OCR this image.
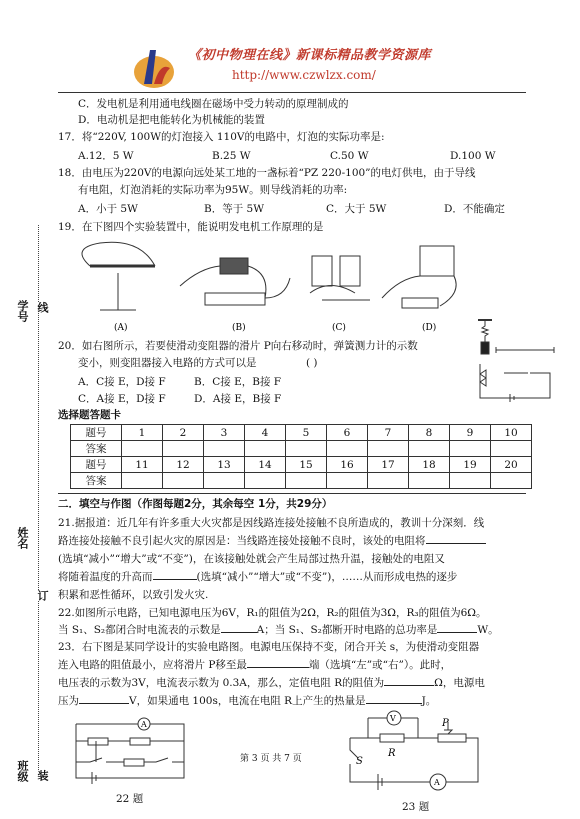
《初中物理在线》新课标精品教学资源库
http://www.czwlzx.com/
学号 线
姓名
订
班级 装
C．发电机是利用通电线圈在磁场中受力转动的原理制成的
D．电动机是把电能转化为机械能的装置
17．将“220V, 100W的灯泡接入 110V的电路中，灯泡的实际功率是:
A.12．5 W	B.25 W	C.50 W	D.100 W
18．由电压为220V的电源向远处某工地的一盏标着“PZ 220-100”的电灯供电，由于导线
有电阻，灯泡消耗的实际功率为95W。则导线消耗的功率:
A．小于 5W	B．等于 5W	C．大于 5W	D．不能确定
19．在下图四个实验装置中，能说明发电机工作原理的是
(A)	(B)	(C)	(D)
20．如右图所示，若要使滑动变阻器的滑片 P向右移动时，弹簧测力计的示数
变小，则变阻器接入电路的方式可以是	( )
A．C接 E，D接 F	B．C接 E，B接 F
C．A接 E，D接 F	D．A接 E，B接 F
选择题答题卡
题号	1	2	3	4	5	6	7	8	9	10
答案										
题号	11	12	13	14	15	16	17	18	19	20
答案										
二．填空与作图（作图每题2分，其余每空 1分，共29分）
21.据报道：近几年有许多重大火灾都是因线路连接处接触不良所造成的，教训十分深刻．线
路连接处接触不良引起火灾的原因是：当线路连接处接触不良时，该处的电阻将
(选填“减小”“增大”或“不变”)，在该接触处就会产生局部过热升温，接触处的电阻又
将随着温度的升高而	(选填“减小”“增大”或“不变”)，……从而形成电热的逐步
积累和恶性循环，以致引发火灾.
22.如图所示电路，已知电源电压为6V，R₁的阻值为2Ω，R₂的阻值为3Ω，R₃的阻值为6Ω。
当 S₁、S₂都闭合时电流表的示数是	A；当 S₁、S₂都断开时电路的总功率是	W。
23．右下图是某同学设计的实验电路图。电源电压保持不变，闭合开关 s，为使滑动变阻器
连入电路的阻值最小，应将滑片 P移至最	端（选填“左”或“右”）。此时，
电压表的示数为3V，电流表示数为 0.3A，那么，定值电阻 R的阻值为	Ω，电源电
压为	V，如果通电 100s，电流在电阻 R上产生的热量是	J。
A
22 题
第 3 页 共 7 页
V
A
R
P
S
23 题
